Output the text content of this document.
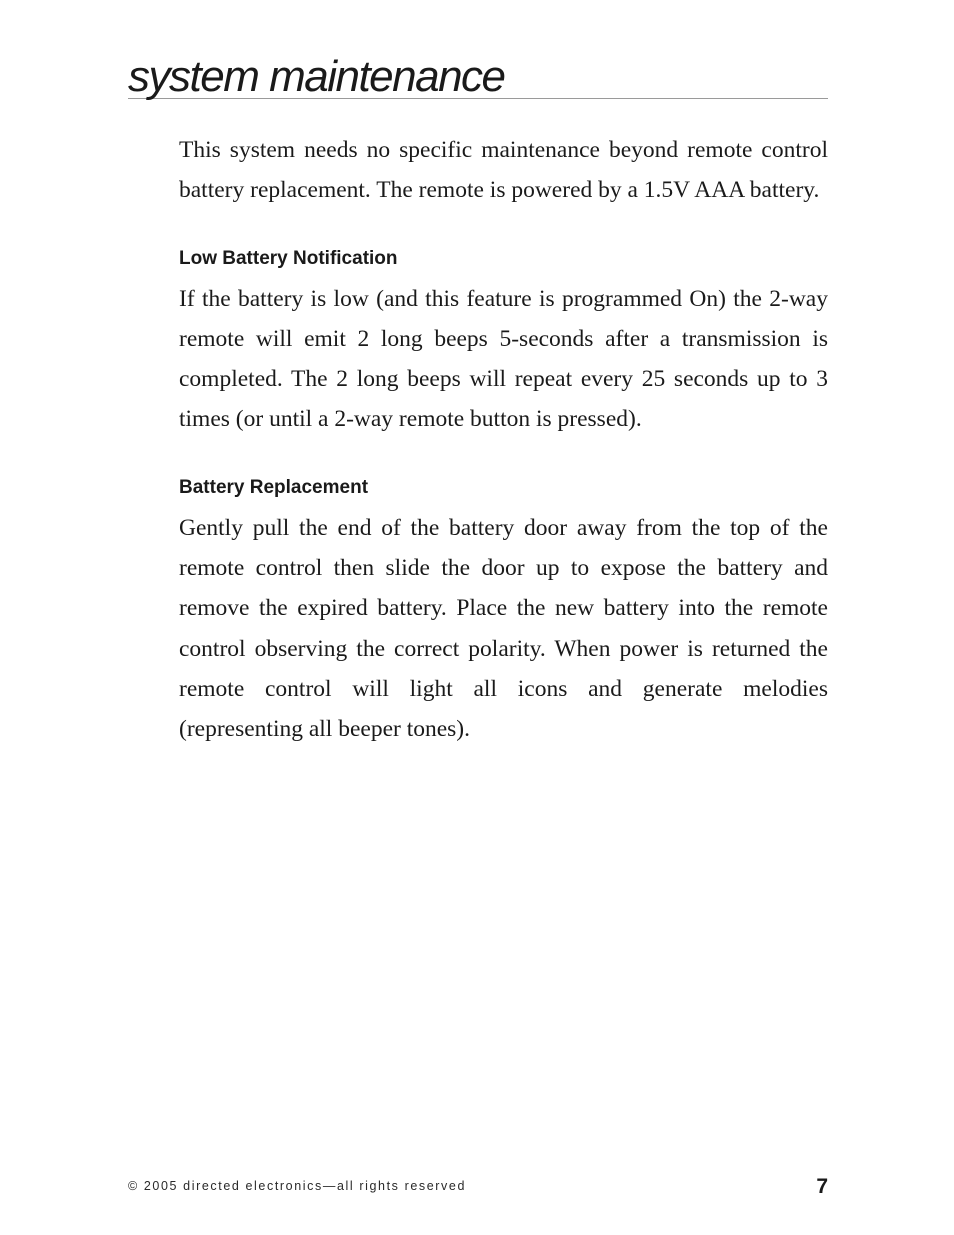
system maintenance

This system needs no specific maintenance beyond remote control battery replacement. The remote is powered by a 1.5V AAA battery.

Low Battery Notification

If the battery is low (and this feature is programmed On) the 2-way remote will emit 2 long beeps 5-seconds after a transmission is completed. The 2 long beeps will repeat every 25 seconds up to 3 times (or until a 2-way remote button is pressed).

Battery Replacement

Gently pull the end of the battery door away from the top of the remote control then slide the door up to expose the battery and remove the expired battery. Place the new battery into the remote control observing the correct polarity. When power is returned the remote control will light all icons and generate melodies (representing all beeper tones).

© 2005 directed electronics—all rights reserved	7
